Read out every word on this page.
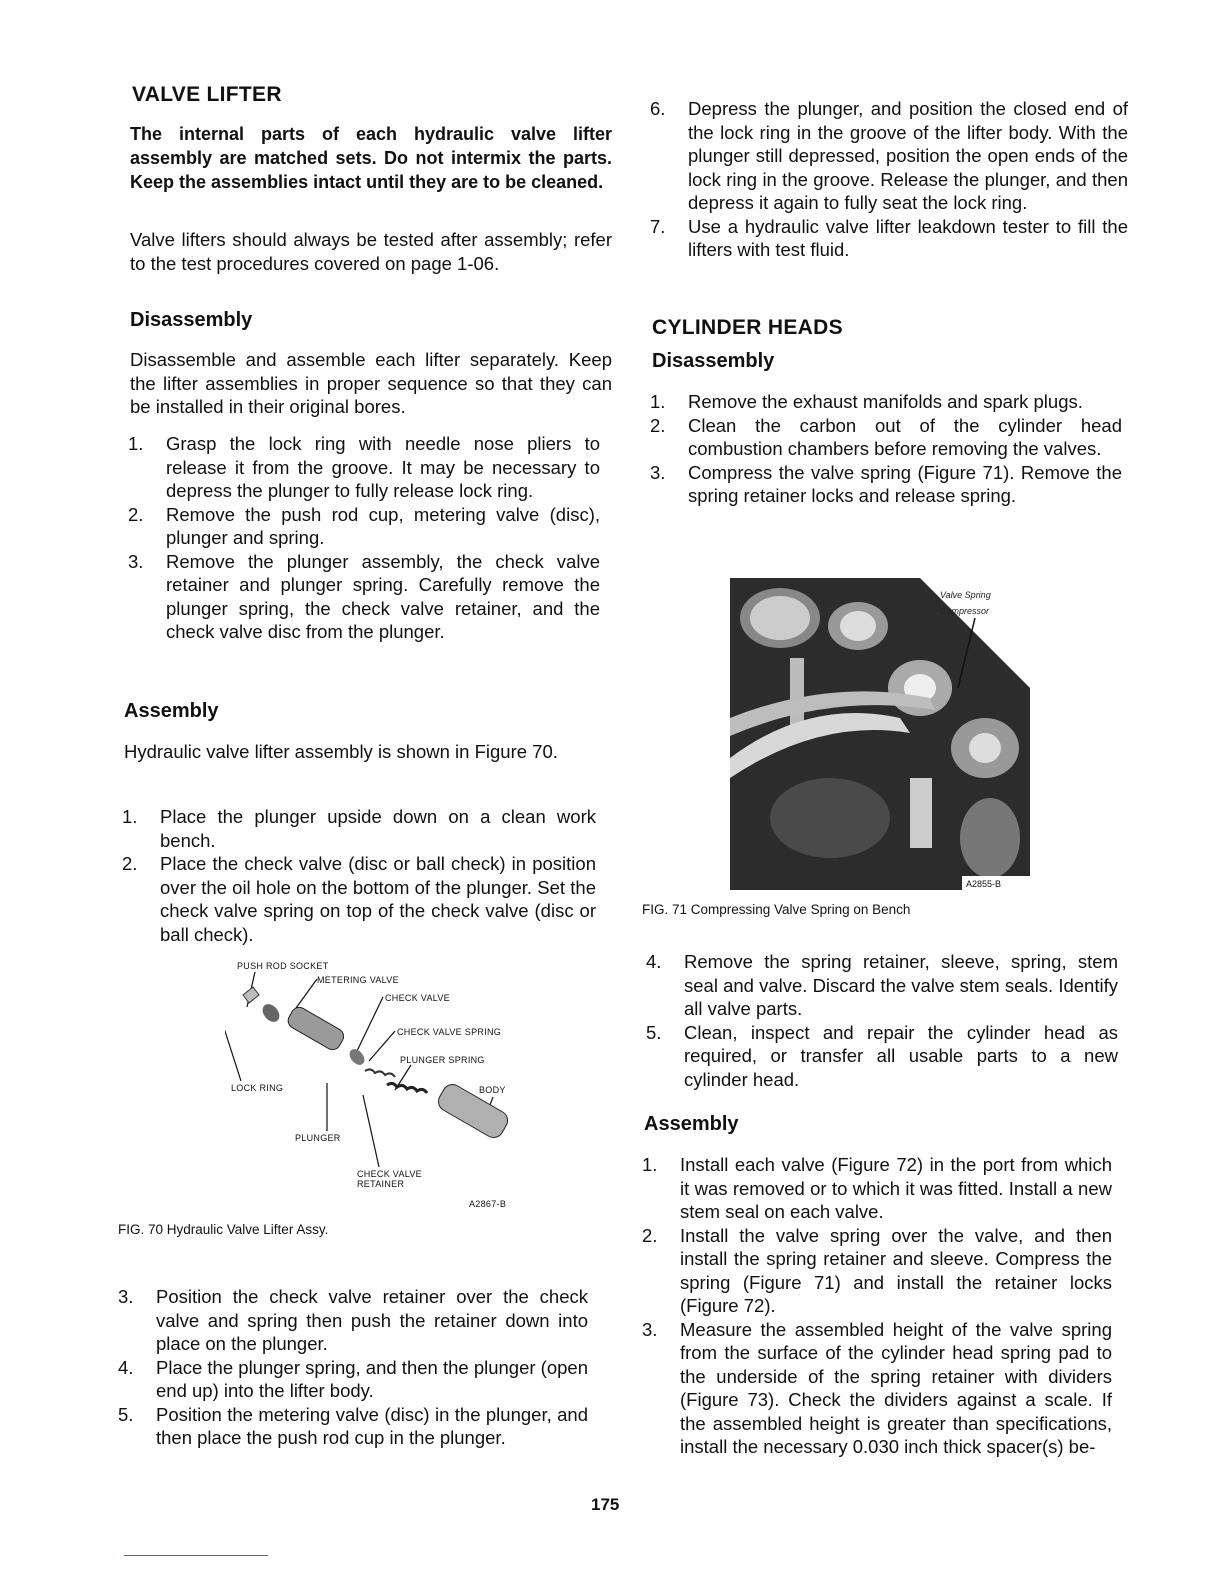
VALVE LIFTER

The internal parts of each hydraulic valve lifter assembly are matched sets. Do not intermix the parts. Keep the assemblies intact until they are to be cleaned.

Valve lifters should always be tested after assembly; refer to the test procedures covered on page 1-06.

Disassembly

Disassemble and assemble each lifter separately. Keep the lifter assemblies in proper sequence so that they can be installed in their original bores.

1.	Grasp the lock ring with needle nose pliers to release it from the groove. It may be necessary to depress the plunger to fully release lock ring.
2.	Remove the push rod cup, metering valve (disc), plunger and spring.
3.	Remove the plunger assembly, the check valve retainer and plunger spring. Carefully remove the plunger spring, the check valve retainer, and the check valve disc from the plunger.
Assembly

Hydraulic valve lifter assembly is shown in Figure 70.

1.	Place the plunger upside down on a clean work bench.
2.	Place the check valve (disc or ball check) in position over the oil hole on the bottom of the plunger. Set the check valve spring on top of the check valve (disc or ball check).
FIG. 70 Hydraulic Valve Lifter Assy.
3.	Position the check valve retainer over the check valve and spring then push the retainer down into place on the plunger.
4.	Place the plunger spring, and then the plunger (open end up) into the lifter body.
5.	Position the metering valve (disc) in the plunger, and then place the push rod cup in the plunger.
PUSH ROD SOCKET
METERING VALVE
CHECK VALVE
CHECK VALVE SPRING
PLUNGER SPRING
LOCK RING	BODY
PLUNGER
CHECK VALVE
RETAINER
A2867-B
6.	Depress the plunger, and position the closed end of the lock ring in the groove of the lifter body. With the plunger still depressed, position the open ends of the lock ring in the groove. Release the plunger, and then depress it again to fully seat the lock ring.
7.	Use a hydraulic valve lifter leakdown tester to fill the lifters with test fluid.
CYLINDER HEADS
Disassembly
1.	Remove the exhaust manifolds and spark plugs.
2.	Clean the carbon out of the cylinder head combustion chambers before removing the valves.
3.	Compress the valve spring (Figure 71). Remove the spring retainer locks and release spring.
FIG. 71 Compressing Valve Spring on Bench
4.	Remove the spring retainer, sleeve, spring, stem seal and valve. Discard the valve stem seals. Identify all valve parts.
5.	Clean, inspect and repair the cylinder head as required, or transfer all usable parts to a new cylinder head.
Assembly
1.	Install each valve (Figure 72) in the port from which it was removed or to which it was fitted. Install a new stem seal on each valve.
2.	Install the valve spring over the valve, and then install the spring retainer and sleeve. Compress the spring (Figure 71) and install the retainer locks (Figure 72).
3.	Measure the assembled height of the valve spring from the surface of the cylinder head spring pad to the underside of the spring retainer with dividers (Figure 73). Check the dividers against a scale. If the assembled height is greater than specifications, install the necessary 0.030 inch thick spacer(s) be-
Valve Spring
Compressor
A2855-B
175
